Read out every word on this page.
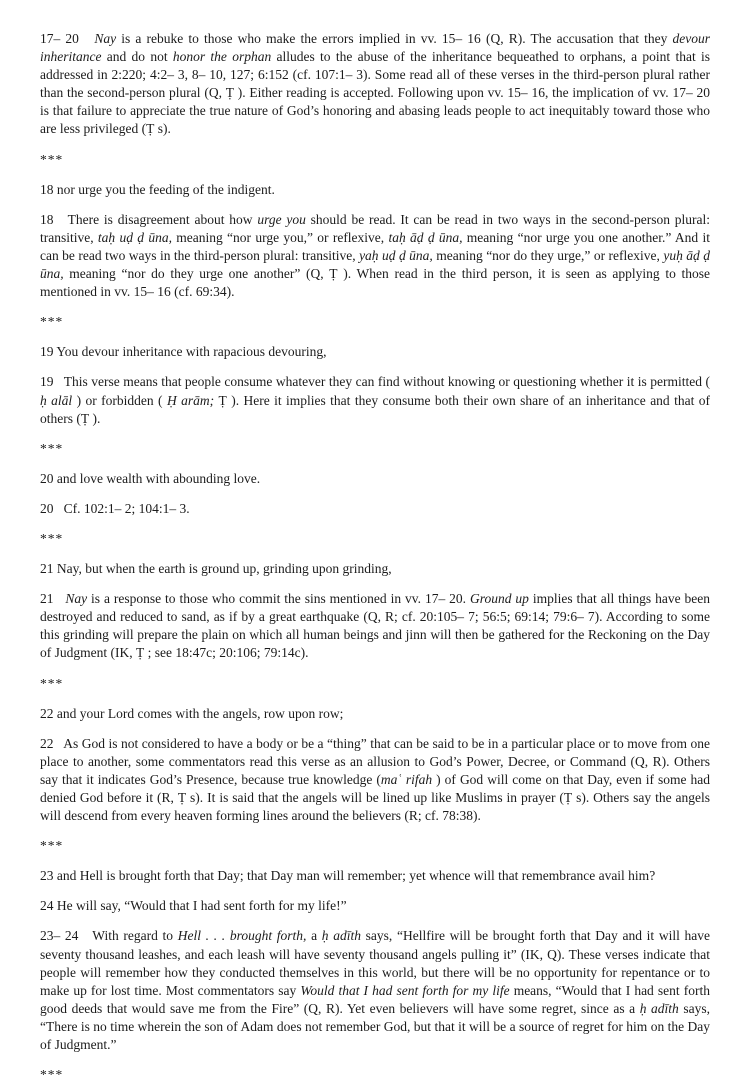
17– 20   Nay is a rebuke to those who make the errors implied in vv. 15– 16 (Q, R). The accusation that they devour inheritance and do not honor the orphan alludes to the abuse of the inheritance bequeathed to orphans, a point that is addressed in 2:220; 4:2– 3, 8– 10, 127; 6:152 (cf. 107:1– 3). Some read all of these verses in the third-person plural rather than the second-person plural (Q, Ṭ ). Either reading is accepted. Following upon vv. 15– 16, the implication of vv. 17– 20 is that failure to appreciate the true nature of God’s honoring and abasing leads people to act inequitably toward those who are less privileged (Ṭ s).

***

18 nor urge you the feeding of the indigent.

18   There is disagreement about how urge you should be read. It can be read in two ways in the second-person plural: transitive, taḥ uḍ ḍ ūna, meaning “nor urge you,” or reflexive, taḥ āḍ ḍ ūna, meaning “nor urge you one another.” And it can be read two ways in the third-person plural: transitive, yaḥ uḍ ḍ ūna, meaning “nor do they urge,” or reflexive, yuḥ āḍ ḍ ūna, meaning “nor do they urge one another” (Q, Ṭ ). When read in the third person, it is seen as applying to those mentioned in vv. 15– 16 (cf. 69:34).

***

19 You devour inheritance with rapacious devouring,

19   This verse means that people consume whatever they can find without knowing or questioning whether it is permitted ( ḥ alāl ) or forbidden ( Ḥ arām; Ṭ ). Here it implies that they consume both their own share of an inheritance and that of others (Ṭ ).

***

20 and love wealth with abounding love.

20   Cf. 102:1– 2; 104:1– 3.

***

21 Nay, but when the earth is ground up, grinding upon grinding,

21   Nay is a response to those who commit the sins mentioned in vv. 17– 20. Ground up implies that all things have been destroyed and reduced to sand, as if by a great earthquake (Q, R; cf. 20:105– 7; 56:5; 69:14; 79:6– 7). According to some this grinding will prepare the plain on which all human beings and jinn will then be gathered for the Reckoning on the Day of Judgment (IK, Ṭ ; see 18:47c; 20:106; 79:14c).

***

22 and your Lord comes with the angels, row upon row;

22   As God is not considered to have a body or be a “thing” that can be said to be in a particular place or to move from one place to another, some commentators read this verse as an allusion to God’s Power, Decree, or Command (Q, R). Others say that it indicates God’s Presence, because true knowledge (maʿ rifah ) of God will come on that Day, even if some had denied God before it (R, Ṭ s). It is said that the angels will be lined up like Muslims in prayer (Ṭ s). Others say the angels will descend from every heaven forming lines around the believers (R; cf. 78:38).

***

23 and Hell is brought forth that Day; that Day man will remember; yet whence will that remembrance avail him?

24 He will say, “Would that I had sent forth for my life!”

23– 24   With regard to Hell . . . brought forth, a ḥ adīth says, “Hellfire will be brought forth that Day and it will have seventy thousand leashes, and each leash will have seventy thousand angels pulling it” (IK, Q). These verses indicate that people will remember how they conducted themselves in this world, but there will be no opportunity for repentance or to make up for lost time. Most commentators say Would that I had sent forth for my life means, “Would that I had sent forth good deeds that would save me from the Fire” (Q, R). Yet even believers will have some regret, since as a ḥ adīth says, “There is no time wherein the son of Adam does not remember God, but that it will be a source of regret for him on the Day of Judgment.”

***
